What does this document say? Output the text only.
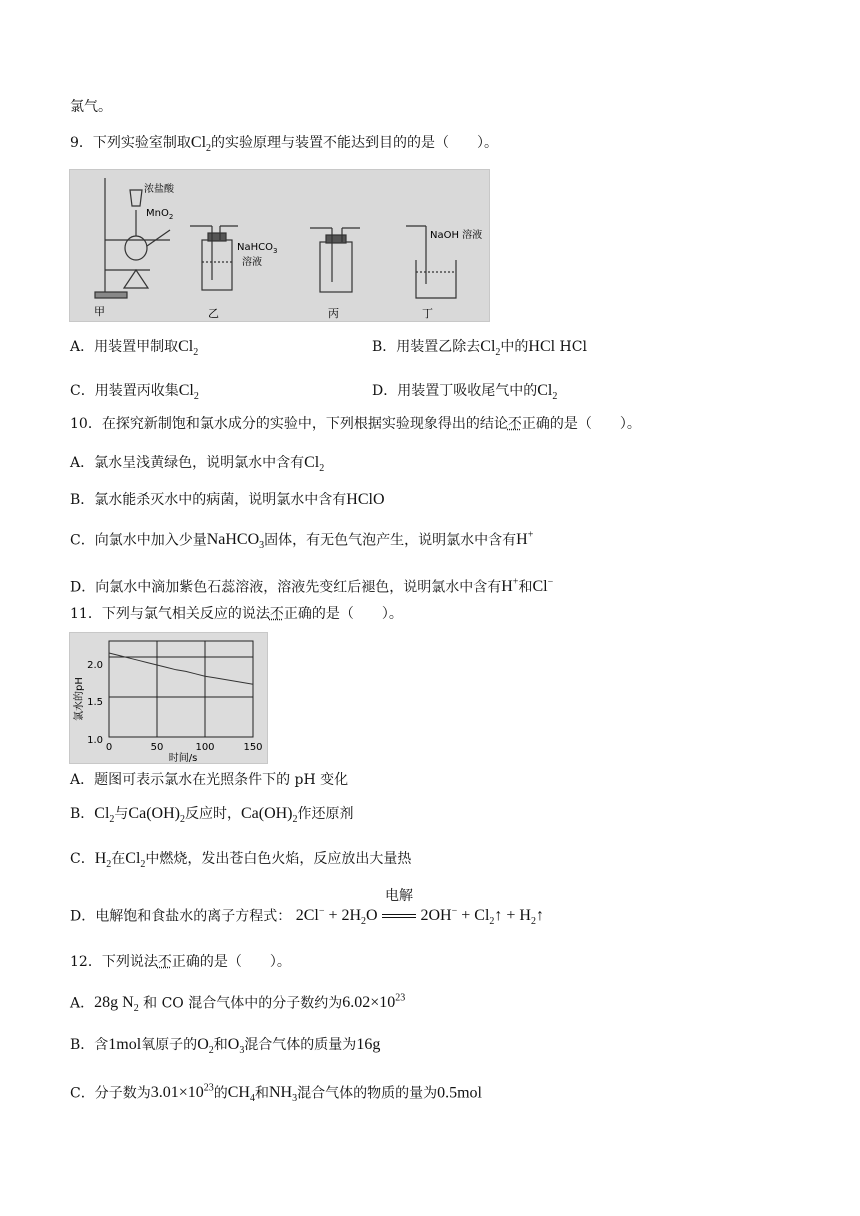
氯气。
9．下列实验室制取$Cl_2$的实验原理与装置不能达到目的的是（　　）。
浓盐酸
MnO$_2$
NaHCO$_3$
溶液
NaOH 溶液
甲	乙	丙	丁
A．用装置甲制取$Cl_2$	B．用装置乙除去$Cl_2$中的HCl HCl
C．用装置丙收集$Cl_2$	D．用装置丁吸收尾气中的$Cl_2$
10．在探究新制饱和氯水成分的实验中，下列根据实验现象得出的结论不正确的是（　　）。
A．氯水呈浅黄绿色，说明氯水中含有$Cl_2$
B．氯水能杀灭水中的病菌，说明氯水中含有HClO
C．向氯水中加入少量NaHCO$_3$固体，有无色气泡产生，说明氯水中含有H+
D．向氯水中滴加紫色石蕊溶液，溶液先变红后褪色，说明氯水中含有H+和Cl−
11．下列与氯气相关反应的说法不正确的是（　　）。
氯水的pH
时间/s
2.0
1.5
1.0
0	50	100	150
A．题图可表示氯水在光照条件下的 pH 变化
B．$Cl_2$与$Ca(OH)_2$反应时，$Ca(OH)_2$作还原剂
C．$H_2$在$Cl_2$中燃烧，发出苍白色火焰，反应放出大量热
D．电解饱和食盐水的离子方程式： $2Cl^- + 2H_2O$
电解
$2OH^- + Cl_2↑$ + $H_2↑$
12．下列说法不正确的是（　　）。
A．28g $N_2$ 和 CO 混合气体中的分子数约为$6.02\times 10^{23}$
B．含1mol氧原子的$O_2$和$O_3$混合气体的质量为16g
C．分子数为$3.01\times 10^{23}$的$CH_4$和$NH_3$混合气体的物质的量为0.5mol
